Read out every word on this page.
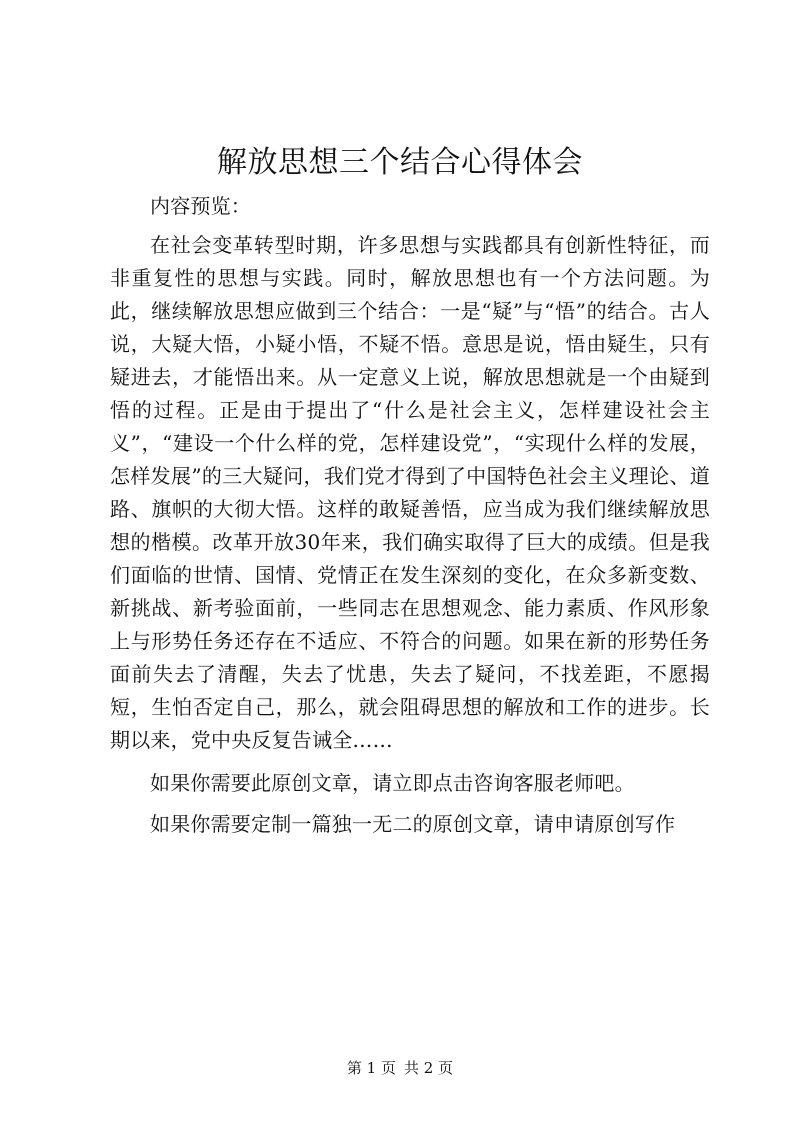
解放思想三个结合心得体会

内容预览：

在社会变革转型时期，许多思想与实践都具有创新性特征，而非重复性的思想与实践。同时，解放思想也有一个方法问题。为此，继续解放思想应做到三个结合：一是“疑”与“悟”的结合。古人说，大疑大悟，小疑小悟，不疑不悟。意思是说，悟由疑生，只有疑进去，才能悟出来。从一定意义上说，解放思想就是一个由疑到悟的过程。正是由于提出了“什么是社会主义，怎样建设社会主义”，“建设一个什么样的党，怎样建设党”，“实现什么样的发展，怎样发展”的三大疑问，我们党才得到了中国特色社会主义理论、道路、旗帜的大彻大悟。这样的敢疑善悟，应当成为我们继续解放思想的楷模。改革开放30年来，我们确实取得了巨大的成绩。但是我们面临的世情、国情、党情正在发生深刻的变化，在众多新变数、新挑战、新考验面前，一些同志在思想观念、能力素质、作风形象上与形势任务还存在不适应、不符合的问题。如果在新的形势任务面前失去了清醒，失去了忧患，失去了疑问，不找差距，不愿揭短，生怕否定自己，那么，就会阻碍思想的解放和工作的进步。长期以来，党中央反复告诫全……

如果你需要此原创文章，请立即点击咨询客服老师吧。

如果你需要定制一篇独一无二的原创文章，请申请原创写作

第 1 页 共 2 页
